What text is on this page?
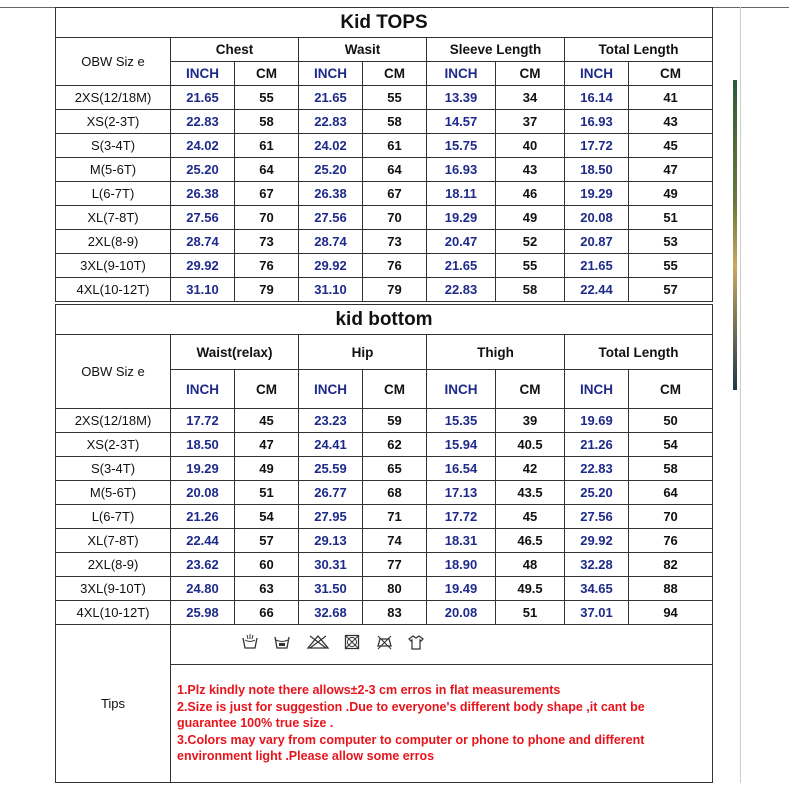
Kid TOPS								
OBW Siz e	Chest		Wasit		Sleeve Length		Total Length	
	INCH	CM	INCH	CM	INCH	CM	INCH	CM
2XS(12/18M)	21.65	55	21.65	55	13.39	34	16.14	41
XS(2-3T)	22.83	58	22.83	58	14.57	37	16.93	43
S(3-4T)	24.02	61	24.02	61	15.75	40	17.72	45
M(5-6T)	25.20	64	25.20	64	16.93	43	18.50	47
L(6-7T)	26.38	67	26.38	67	18.11	46	19.29	49
XL(7-8T)	27.56	70	27.56	70	19.29	49	20.08	51
2XL(8-9)	28.74	73	28.74	73	20.47	52	20.87	53
3XL(9-10T)	29.92	76	29.92	76	21.65	55	21.65	55
4XL(10-12T)	31.10	79	31.10	79	22.83	58	22.44	57
kid bottom								
OBW Siz e	Waist(relax)		Hip		Thigh		Total Length	
	INCH	CM	INCH	CM	INCH	CM	INCH	CM
2XS(12/18M)	17.72	45	23.23	59	15.35	39	19.69	50
XS(2-3T)	18.50	47	24.41	62	15.94	40.5	21.26	54
S(3-4T)	19.29	49	25.59	65	16.54	42	22.83	58
M(5-6T)	20.08	51	26.77	68	17.13	43.5	25.20	64
L(6-7T)	21.26	54	27.95	71	17.72	45	27.56	70
XL(7-8T)	22.44	57	29.13	74	18.31	46.5	29.92	76
2XL(8-9)	23.62	60	30.31	77	18.90	48	32.28	82
3XL(9-10T)	24.80	63	31.50	80	19.49	49.5	34.65	88
4XL(10-12T)	25.98	66	32.68	83	20.08	51	37.01	94
Tips	

	1.Plz kindly note there allows±2-3 cm erros in flat measurements
2.Size is just for suggestion .Due to everyone's different body shape ,it cant be guarantee 100% true size .
3.Colors may vary from computer to computer or phone to phone and different environment light .Please allow some erros							
